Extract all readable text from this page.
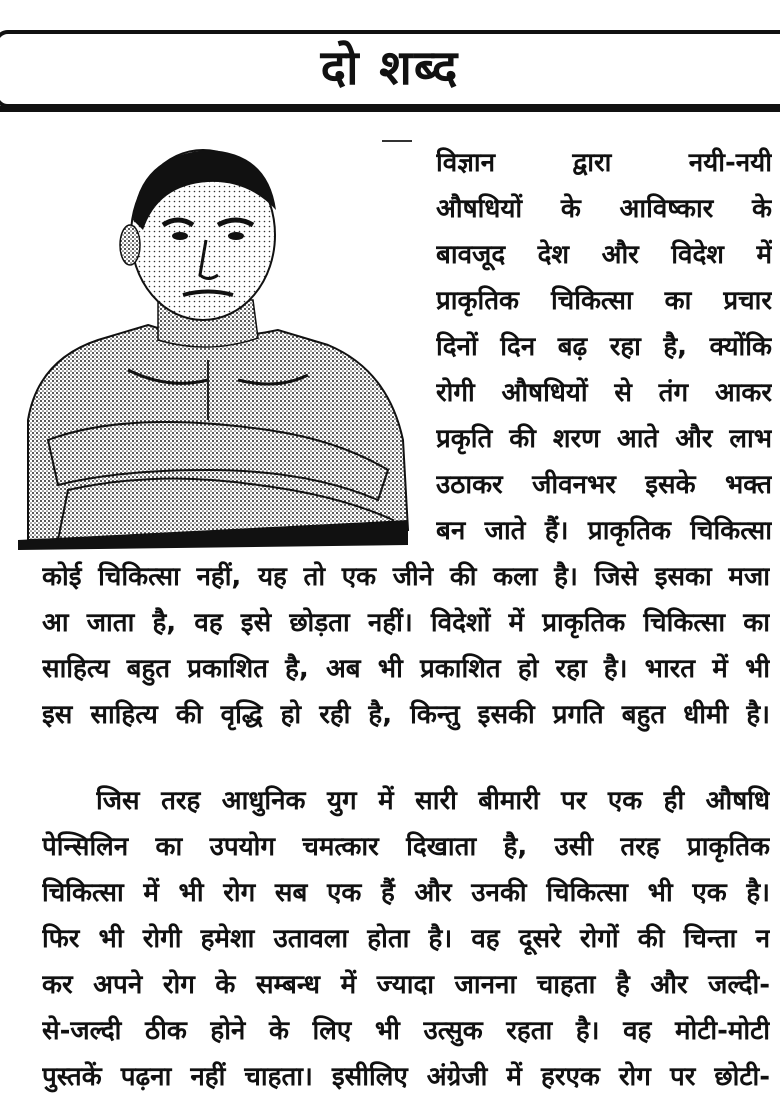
दो शब्द
विज्ञान द्वारा नयी-नयी
औषधियों के आविष्कार के
बावजूद देश और विदेश में
प्राकृतिक चिकित्सा का प्रचार
दिनों दिन बढ़ रहा है, क्योंकि
रोगी औषधियों से तंग आकर
प्रकृति की शरण आते और लाभ
उठाकर जीवनभर इसके भक्त
बन जाते हैं। प्राकृतिक चिकित्सा
कोई चिकित्सा नहीं, यह तो एक जीने की कला है। जिसे इसका मजा
आ जाता है, वह इसे छोड़ता नहीं। विदेशों में प्राकृतिक चिकित्सा का
साहित्य बहुत प्रकाशित है, अब भी प्रकाशित हो रहा है। भारत में भी
इस साहित्य की वृद्धि हो रही है, किन्तु इसकी प्रगति बहुत धीमी है।
जिस तरह आधुनिक युग में सारी बीमारी पर एक ही औषधि
पेन्सिलिन का उपयोग चमत्कार दिखाता है, उसी तरह प्राकृतिक
चिकित्सा में भी रोग सब एक हैं और उनकी चिकित्सा भी एक है।
फिर भी रोगी हमेशा उतावला होता है। वह दूसरे रोगों की चिन्ता न
कर अपने रोग के सम्बन्ध में ज्यादा जानना चाहता है और जल्दी-
से-जल्दी ठीक होने के लिए भी उत्सुक रहता है। वह मोटी-मोटी
पुस्तकें पढ़ना नहीं चाहता। इसीलिए अंग्रेजी में हरएक रोग पर छोटी-
